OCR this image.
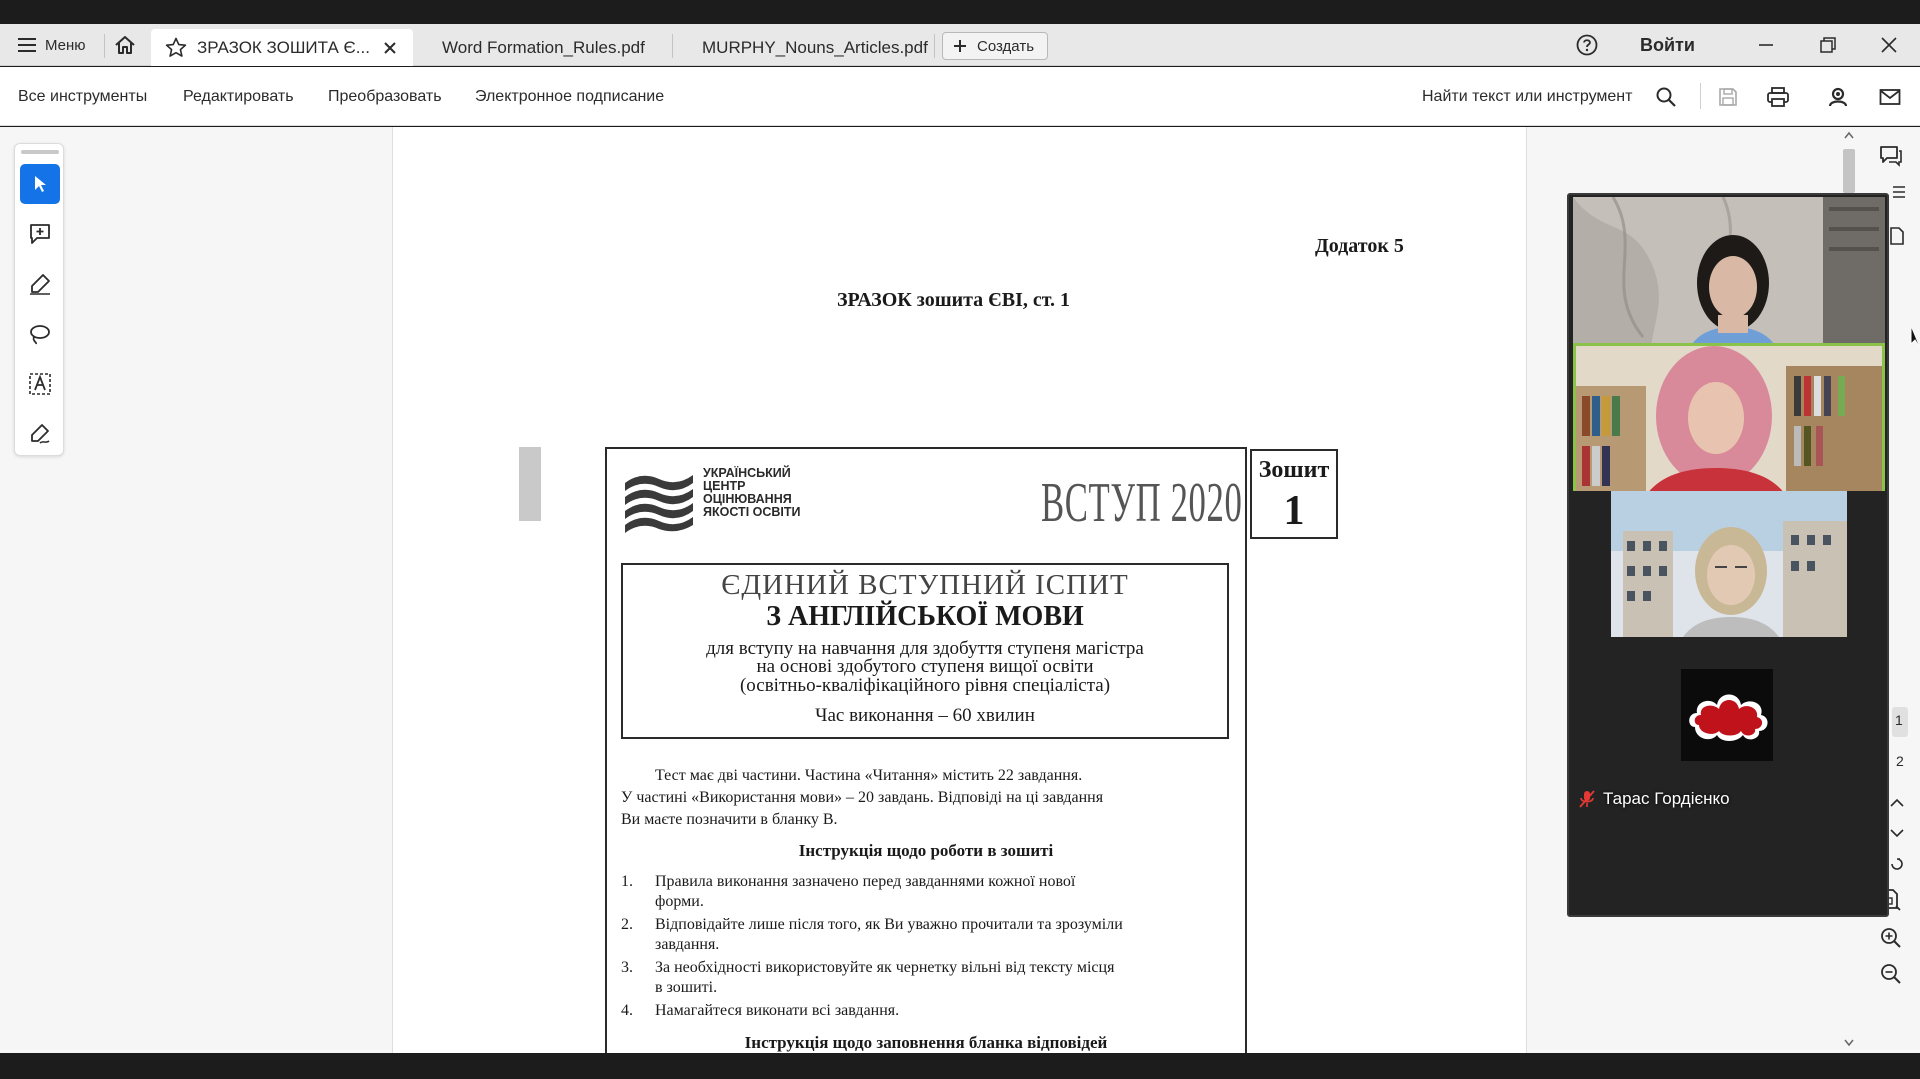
Меню	ЗРАЗОК ЗОШИТА Є...	Word Formation_Rules.pdf	MURPHY_Nouns_Articles.pdf	Войти
Создать
Все инструменты Редактировать Преобразовать Электронное подписание	Найти текст или инструмент
Додаток 5
ЗРАЗОК зошита ЄВІ, ст. 1
УКРАЇНСЬКИЙ
ЦЕНТР
ОЦІНЮВАННЯ
ЯКОСТІ ОСВІТИ	ВСТУП 2020
ЄДИНИЙ ВСТУПНИЙ ІСПИТ
З АНГЛІЙСЬКОЇ МОВИ
для вступу на навчання для здобуття ступеня магістра
на основі здобутого ступеня вищої освіти
(освітньо-кваліфікаційного рівня спеціаліста)
Час виконання – 60 хвилин
Тест має дві частини. Частина «Читання» містить 22 завдання.
У частині «Використання мови» – 20 завдань. Відповіді на ці завдання
Ви маєте позначити в бланку В.
Інструкція щодо роботи в зошиті
1. Правила виконання зазначено перед завданнями кожної нової
форми.
2. Відповідайте лише після того, як Ви уважно прочитали та зрозуміли
завдання.
3. За необхідності використовуйте як чернетку вільні від тексту місця
в зошиті.
4. Намагайтеся виконати всі завдання.
Інструкція щодо заповнення бланка відповідей
Зошит
1
1
2
Тарас Гордієнко
